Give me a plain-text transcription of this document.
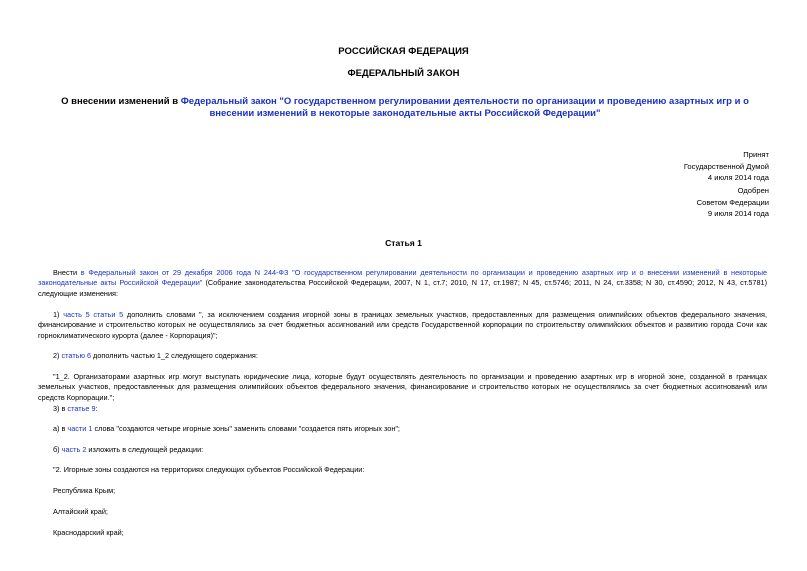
РОССИЙСКАЯ ФЕДЕРАЦИЯ
ФЕДЕРАЛЬНЫЙ ЗАКОН
О внесении изменений в Федеральный закон "О государственном регулировании деятельности по организации и проведению азартных игр и о внесении изменений в некоторые законодательные акты Российской Федерации"
Принят
Государственной Думой
4 июля 2014 года
Одобрен
Советом Федерации
9 июля 2014 года
Статья 1
Внести в Федеральный закон от 29 декабря 2006 года N 244-ФЗ "О государственном регулировании деятельности по организации и проведению азартных игр и о внесении изменений в некоторые законодательные акты Российской Федерации" (Собрание законодательства Российской Федерации, 2007, N 1, ст.7; 2010, N 17, ст.1987; N 45, ст.5746; 2011, N 24, ст.3358; N 30, ст.4590; 2012, N 43, ст.5781) следующие изменения:
1) часть 5 статьи 5 дополнить словами ", за исключением создания игорной зоны в границах земельных участков, предоставленных для размещения олимпийских объектов федерального значения, финансирование и строительство которых не осуществлялись за счет бюджетных ассигнований или средств Государственной корпорации по строительству олимпийских объектов и развитию города Сочи как горноклиматического курорта (далее - Корпорация)";
2) статью 6 дополнить частью 1_2 следующего содержания:
"1_2. Организаторами азартных игр могут выступать юридические лица, которые будут осуществлять деятельность по организации и проведению азартных игр в игорной зоне, созданной в границах земельных участков, предоставленных для размещения олимпийских объектов федерального значения, финансирование и строительство которых не осуществлялись за счет бюджетных ассигнований или средств Корпорации.";
3) в статье 9:
а) в части 1 слова "создаются четыре игорные зоны" заменить словами "создается пять игорных зон";
б) часть 2 изложить в следующей редакции:
"2. Игорные зоны создаются на территориях следующих субъектов Российской Федерации:
Республика Крым;
Алтайский край;
Краснодарский край;
